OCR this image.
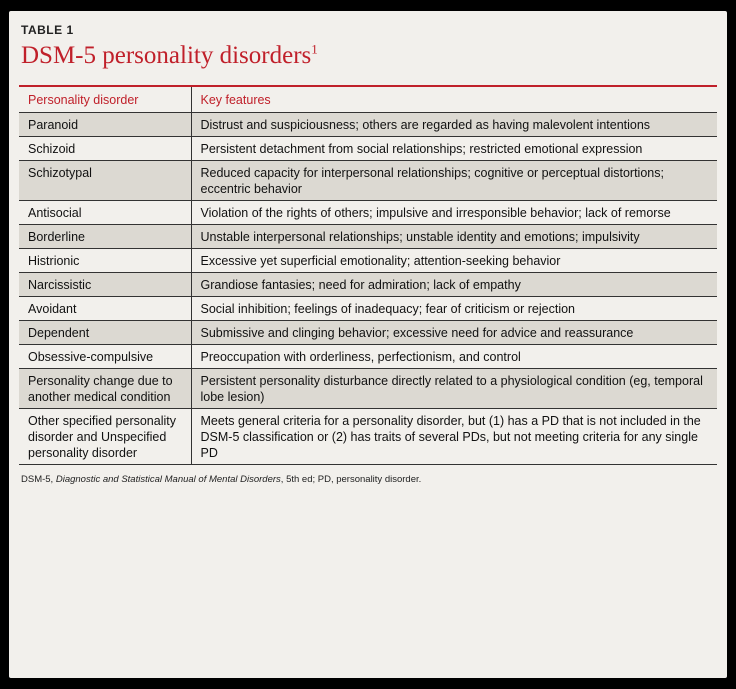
TABLE 1
DSM-5 personality disorders$^1$
Personality disorder	Key features
Paranoid	Distrust and suspiciousness; others are regarded as having malevolent intentions
Schizoid	Persistent detachment from social relationships; restricted emotional expression
Schizotypal	Reduced capacity for interpersonal relationships; cognitive or perceptual distortions; eccentric behavior
Antisocial	Violation of the rights of others; impulsive and irresponsible behavior; lack of remorse
Borderline	Unstable interpersonal relationships; unstable identity and emotions; impulsivity
Histrionic	Excessive yet superficial emotionality; attention-seeking behavior
Narcissistic	Grandiose fantasies; need for admiration; lack of empathy
Avoidant	Social inhibition; feelings of inadequacy; fear of criticism or rejection
Dependent	Submissive and clinging behavior; excessive need for advice and reassurance
Obsessive-compulsive	Preoccupation with orderliness, perfectionism, and control
Personality change due to another medical condition	Persistent personality disturbance directly related to a physiological condition (eg, temporal lobe lesion)
Other specified personality disorder and Unspecified personality disorder	Meets general criteria for a personality disorder, but (1) has a PD that is not included in the DSM-5 classification or (2) has traits of several PDs, but not meeting criteria for any single PD
DSM-5, Diagnostic and Statistical Manual of Mental Disorders, 5th ed; PD, personality disorder.
